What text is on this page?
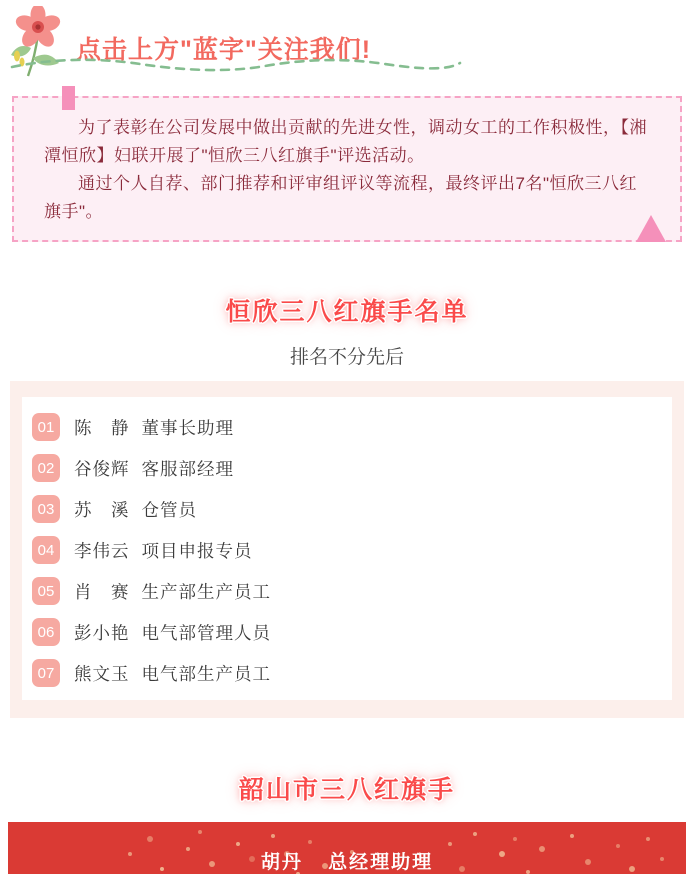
点击上方"蓝字"关注我们!

为了表彰在公司发展中做出贡献的先进女性，调动女工的工作积极性，【湘潭恒欣】妇联开展了"恒欣三八红旗手"评选活动。

通过个人自荐、部门推荐和评审组评议等流程，最终评出7名"恒欣三八红旗手"。

恒欣三八红旗手名单
排名不分先后
01	陈　静 董事长助理
02	谷俊辉 客服部经理
03	苏　溪 仓管员
04	李伟云 项目申报专员
05	肖　赛 生产部生产员工
06	彭小艳 电气部管理人员
07	熊文玉 电气部生产员工
韶山市三八红旗手
胡丹 总经理助理
